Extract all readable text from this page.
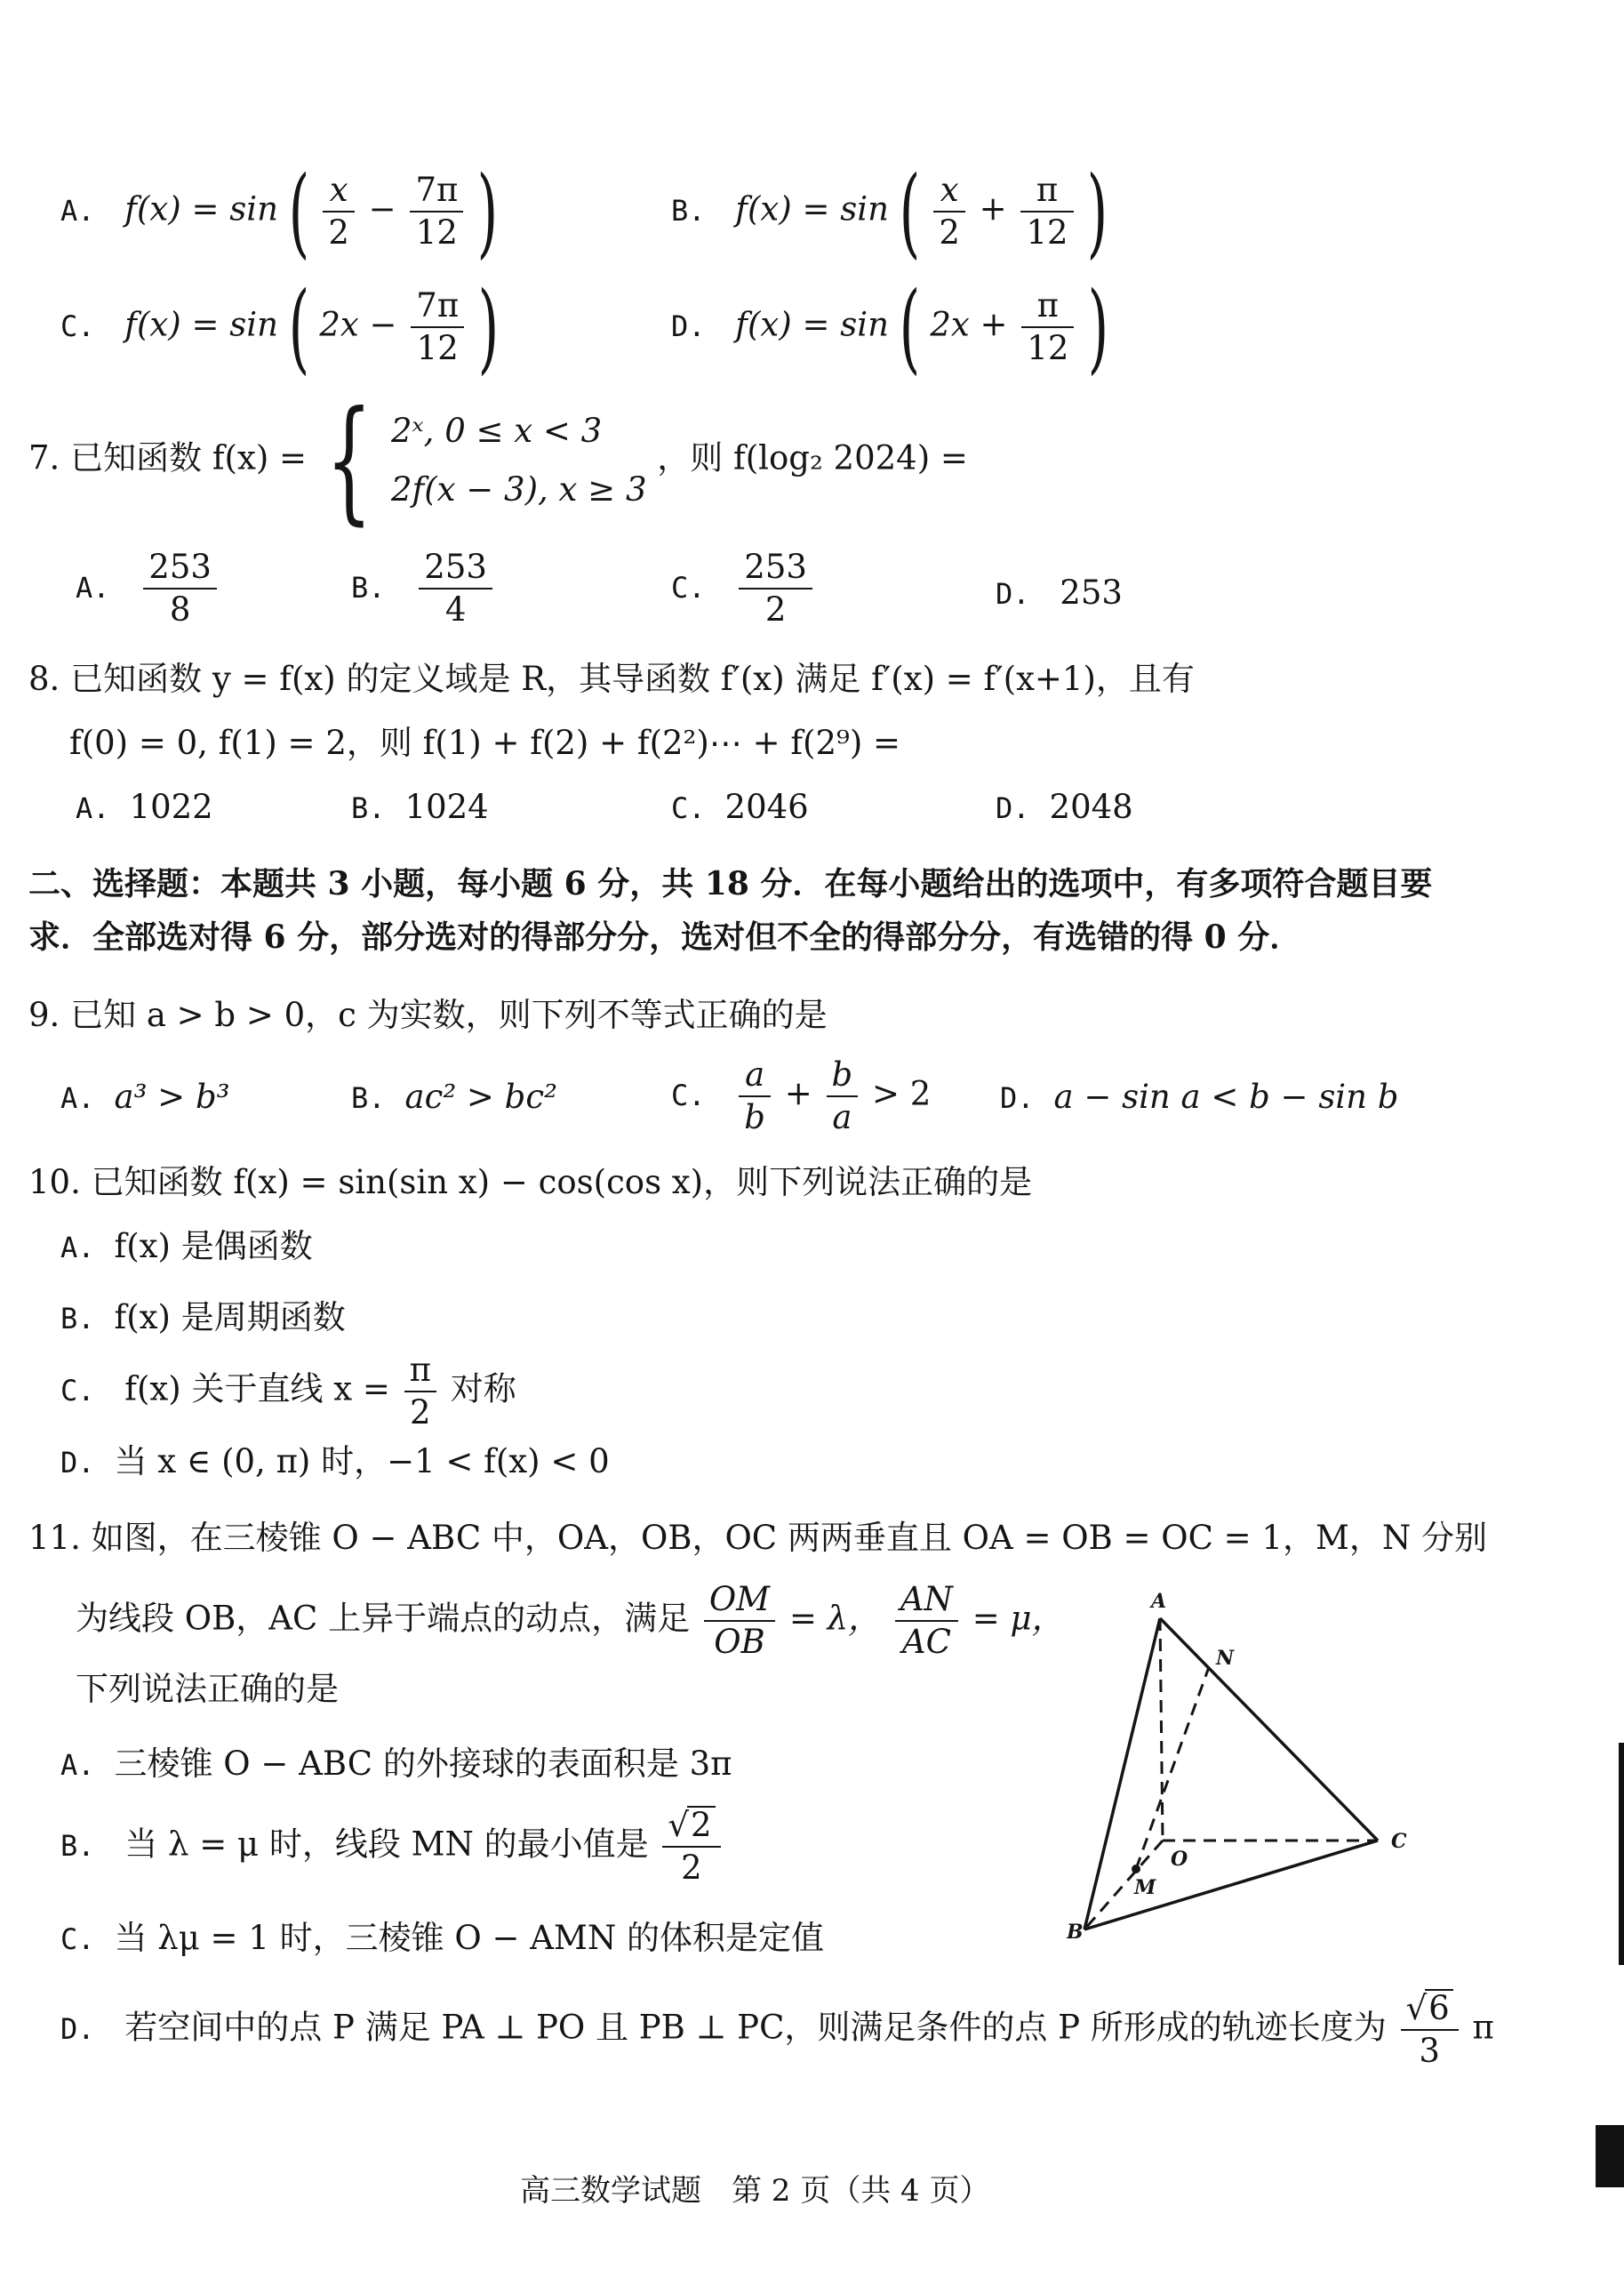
A. f(x) = sin ( $\frac{x}{2} - \frac{7\pi}{12}$ )	B. f(x) = sin ( $\frac{x}{2} + \frac{\pi}{12}$ )
C. f(x) = sin ( $2x - \frac{7\pi}{12}$ )	D. f(x) = sin ( $2x + \frac{\pi}{12}$ )
7. 已知函数 f(x) = { 2ˣ, 0 ≤ x < 3
2f(x − 3), x ≥ 3
，则 f(log₂ 2024) =
A. $\frac{253}{8}$	B. $\frac{253}{4}$	C. $\frac{253}{2}$	D. 253
8. 已知函数 y = f(x) 的定义域是 R，其导函数 f′(x) 满足 f′(x) = f′(x+1)，且有
f(0) = 0, f(1) = 2，则 f(1) + f(2) + f(2²)⋯ + f(2⁹) =
A. 1022	B. 1024	C. 2046	D. 2048
二、选择题：本题共 3 小题，每小题 6 分，共 18 分．在每小题给出的选项中，有多项符合题目要
求．全部选对得 6 分，部分选对的得部分分，选对但不全的得部分分，有选错的得 0 分．
9. 已知 a > b > 0，c 为实数，则下列不等式正确的是
A. a³ > b³	B. ac² > bc²	C. $\frac{a}{b} + \frac{b}{a} > 2$ D. a − sin a < b − sin b
10. 已知函数 f(x) = sin(sin x) − cos(cos x)，则下列说法正确的是
A. f(x) 是偶函数
B. f(x) 是周期函数
C. f(x) 关于直线 $x = \frac{\pi}{2}$ 对称
D. 当 x ∈ (0, π) 时，−1 < f(x) < 0
11. 如图，在三棱锥 O − ABC 中，OA，OB，OC 两两垂直且 OA = OB = OC = 1，M，N 分别
为线段 OB，AC 上异于端点的动点，满足 $\frac{OM}{OB} = \lambda$， $\frac{AN}{AC} = \mu$，
下列说法正确的是
A. 三棱锥 O − ABC 的外接球的表面积是 3π
B. 当 λ = μ 时，线段 MN 的最小值是 $\frac{√2}{2}$
C. 当 λμ = 1 时，三棱锥 O − AMN 的体积是定值
D. 若空间中的点 P 满足 PA ⊥ PO 且 PB ⊥ PC，则满足条件的点 P 所形成的轨迹长度为 $\frac{√6}{3}$ π
A
N
O
C
M
B
高三数学试题　第 2 页（共 4 页）
